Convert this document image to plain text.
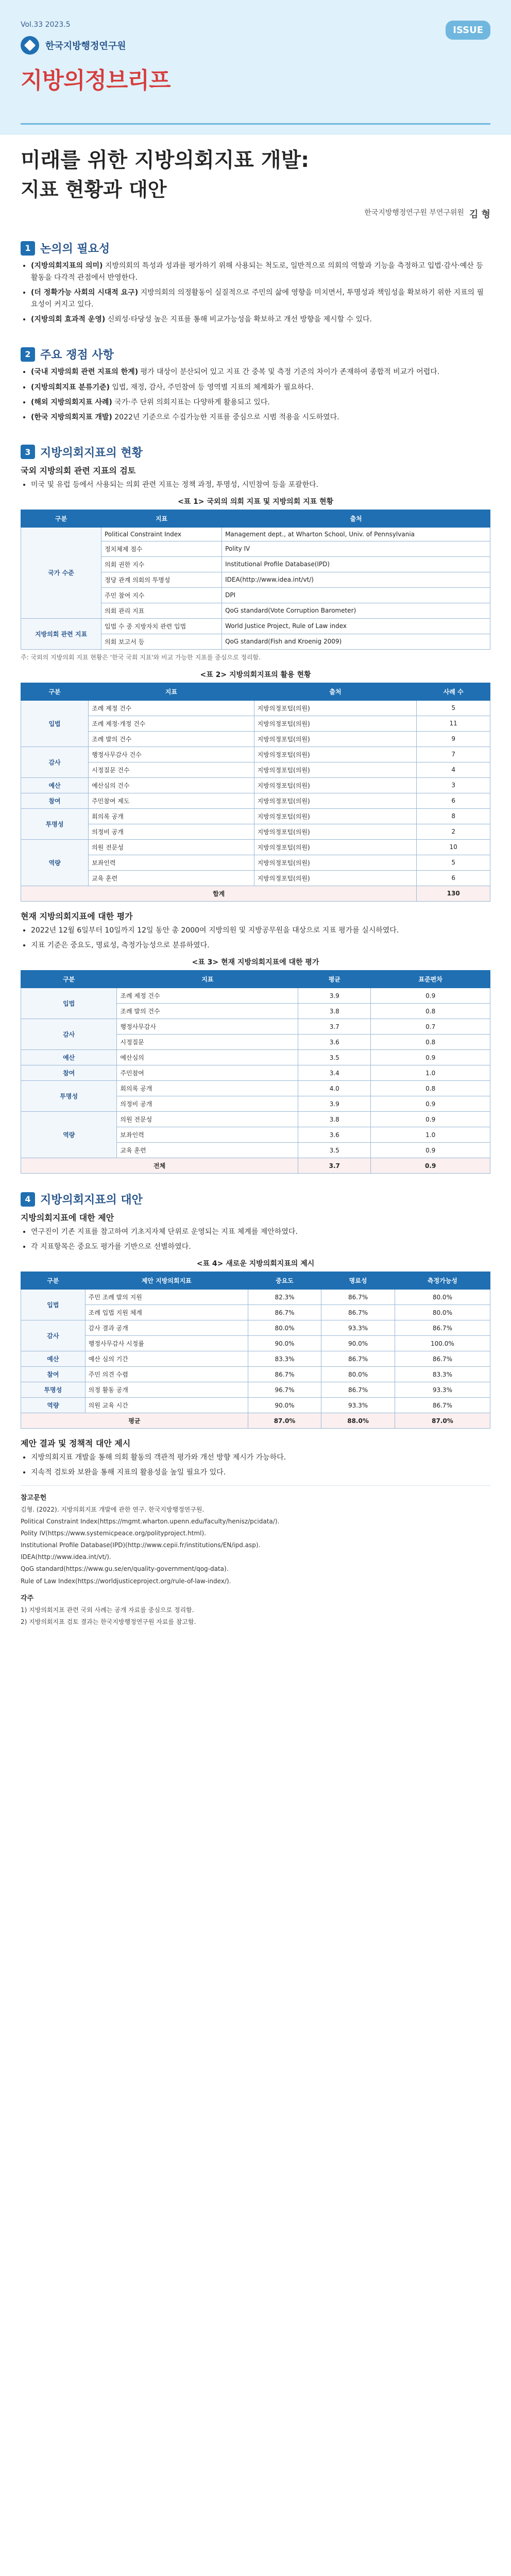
Vol.33 2023.5
한국지방행정연구원
지방의정브리프
ISSUE
미래를 위한 지방의회지표 개발:
지표 현황과 대안
한국지방행정연구원 부연구위원 김 형
1 논의의 필요성
• (지방의회지표의 의미) 지방의회의 특성과 성과를 평가하기 위해 사용되는 척도로, 일반적으로 의회의 역할과 기능을 측정하고 입법·감사·예산 등 활동을 다각적 관점에서 반영한다.
• (더 정확가능 사회의 시대적 요구) 지방의회의 의정활동이 실질적으로 주민의 삶에 영향을 미치면서, 투명성과 책임성을 확보하기 위한 지표의 필요성이 커지고 있다.
• (지방의회 효과적 운영) 신뢰성·타당성 높은 지표를 통해 비교가능성을 확보하고 개선 방향을 제시할 수 있다.
2 주요 쟁점 사항
• (국내 지방의회 관련 지표의 한계) 평가 대상이 분산되어 있고 지표 간 중복 및 측정 기준의 차이가 존재하여 종합적 비교가 어렵다.
• (지방의회지표 분류기준) 입법, 재정, 감사, 주민참여 등 영역별 지표의 체계화가 필요하다.
• (해외 지방의회지표 사례) 국가·주 단위 의회지표는 다양하게 활용되고 있다.
• (한국 지방의회지표 개발) 2022년 기준으로 수집가능한 지표를 중심으로 시범 적용을 시도하였다.
3 지방의회지표의 현황
국외 지방의회 관련 지표의 검토
• 미국 및 유럽 등에서 사용되는 의회 관련 지표는 정책 과정, 투명성, 시민참여 등을 포괄한다.
<표 1> 국외의 의회 지표 및 지방의회 지표 현황
구분	지표	출처
국가 수준	Political Constraint Index	Management dept., at Wharton School, Univ. of Pennsylvania
	정치체제 점수	Polity IV
	의회 권한 지수	Institutional Profile Database(IPD)
	정당 관계 의회의 투명성	IDEA(http://www.idea.int/vt/)
	주민 참여 지수	DPI
	의회 관리 지표	QoG standard(Vote Corruption Barometer)
지방의회 관련 지표	입법 수 중 지방자치 관련 입법	World Justice Project, Rule of Law index
	의회 보고서 등	QoG standard(Fish and Kroenig 2009)
주: 국외의 지방의회 지표 현황은 '한국 국회 지표'와 비교 가능한 지표를 중심으로 정리함.
<표 2> 지방의회지표의 활용 현황
구분	지표	출처	사례 수
입법	조례 제정 건수	지방의정포털(의원)	5
	조례 제정·개정 건수	지방의정포털(의원)	11
	조례 발의 건수	지방의정포털(의원)	9
감사	행정사무감사 건수	지방의정포털(의원)	7
	시정질문 건수	지방의정포털(의원)	4
예산	예산심의 건수	지방의정포털(의원)	3
참여	주민참여 제도	지방의정포털(의원)	6
투명성	회의록 공개	지방의정포털(의원)	8
	의정비 공개	지방의정포털(의원)	2
역량	의원 전문성	지방의정포털(의원)	10
	보좌인력	지방의정포털(의원)	5
	교육 훈련	지방의정포털(의원)	6
합계			130
현재 지방의회지표에 대한 평가
• 2022년 12월 6일부터 10일까지 12일 동안 총 2000여 지방의원 및 지방공무원을 대상으로 지표 평가를 실시하였다.
• 지표 기준은 중요도, 명료성, 측정가능성으로 분류하였다.
<표 3> 현재 지방의회지표에 대한 평가
구분	지표	평균	표준편차
입법	조례 제정 건수	3.9	0.9
	조례 발의 건수	3.8	0.8
감사	행정사무감사	3.7	0.7
	시정질문	3.6	0.8
예산	예산심의	3.5	0.9
참여	주민참여	3.4	1.0
투명성	회의록 공개	4.0	0.8
	의정비 공개	3.9	0.9
역량	의원 전문성	3.8	0.9
	보좌인력	3.6	1.0
	교육 훈련	3.5	0.9
전체		3.7	0.9
4 지방의회지표의 대안
지방의회지표에 대한 제안
• 연구진이 기존 지표를 참고하여 기초지자체 단위로 운영되는 지표 체계를 제안하였다.
• 각 지표항목은 중요도 평가를 기반으로 선별하였다.
<표 4> 새로운 지방의회지표의 제시
구분	제안 지방의회지표	중요도	명료성	측정가능성
입법	주민 조례 발의 지원	82.3%	86.7%	80.0%
	조례 입법 지원 체계	86.7%	86.7%	80.0%
감사	감사 결과 공개	80.0%	93.3%	86.7%
	행정사무감사 시정률	90.0%	90.0%	100.0%
예산	예산 심의 기간	83.3%	86.7%	86.7%
참여	주민 의견 수렴	86.7%	80.0%	83.3%
투명성	의정 활동 공개	96.7%	86.7%	93.3%
역량	의원 교육 시간	90.0%	93.3%	86.7%
평균		87.0%	88.0%	87.0%
제안 결과 및 정책적 대안 제시
• 지방의회지표 개발을 통해 의회 활동의 객관적 평가와 개선 방향 제시가 가능하다.
• 지속적 검토와 보완을 통해 지표의 활용성을 높일 필요가 있다.
참고문헌
김형. (2022). 지방의회지표 개발에 관한 연구. 한국지방행정연구원.
Political Constraint Index(https://mgmt.wharton.upenn.edu/faculty/henisz/pcidata/).
Polity IV(https://www.systemicpeace.org/polityproject.html).
Institutional Profile Database(IPD)(http://www.cepii.fr/institutions/EN/ipd.asp).
IDEA(http://www.idea.int/vt/).
QoG standard(https://www.gu.se/en/quality-government/qog-data).
Rule of Law Index(https://worldjusticeproject.org/rule-of-law-index/).
각주
1) 지방의회지표 관련 국외 사례는 공개 자료를 중심으로 정리함.
2) 지방의회지표 검토 결과는 한국지방행정연구원 자료를 참고함.
